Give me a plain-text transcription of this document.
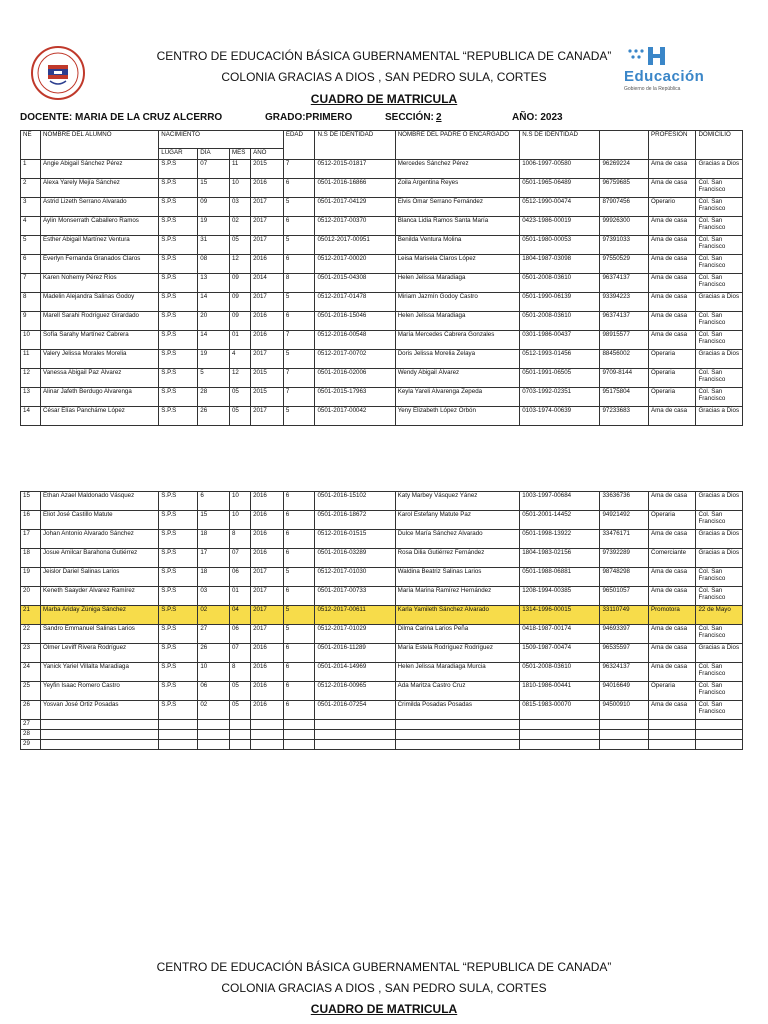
Educación
Gobierno de la República
CENTRO DE EDUCACIÓN BÁSICA GUBERNAMENTAL “REPUBLICA DE CANADA”
COLONIA GRACIAS A DIOS , SAN PEDRO SULA, CORTES
CUADRO DE MATRICULA
DOCENTE: MARIA DE LA CRUZ ALCERRO	GRADO:PRIMERO	SECCIÓN: 2	AÑO: 2023
NE	NOMBRE DEL ALUMNO	NACIMIENTO				EDAD	N.S DE IDENTIDAD	NOMBRE DEL PADRE O ENCARGADO	N.S DE IDENTIDAD		PROFESIÓN	DOMICILIO
		LUGAR	DÍA	MES	AÑO							
1	Angie Abigail Sánchez Pérez	S.P.S	07	11	2015	7	0512-2015-01817	Mercedes Sánchez Pérez	1006-1997-00580	96269224	Ama de casa	Gracias a Dios
2	Alexa Yarely Mejía Sánchez	S.P.S	15	10	2016	6	0501-2016-16866	Zoila Argentina Reyes	0501-1965-06489	96759685	Ama de casa	Col. San Francisco
3	Astrid Lizeth Serrano Alvarado	S.P.S	09	03	2017	5	0501-2017-04129	Elvis Omar Serrano Fernández	0512-1990-00474	87907456	Operario	Col. San Francisco
4	Aylin Monserrath Caballero Ramos	S.P.S	19	02	2017	6	0512-2017-00370	Blanca Lidia Ramos Santa María	0423-1986-00019	99926300	Ama de casa	Col. San Francisco
5	Esther Abigail Martínez Ventura	S.P.S	31	05	2017	5	05012-2017-00951	Benilda Ventura Molina	0501-1980-00053	97391033	Ama de casa	Col. San Francisco
6	Everlyn Fernanda Granados Claros	S.P.S	08	12	2016	6	0512-2017-00020	Leisa Marisela Claros López	1804-1987-03098	97550529	Ama de casa	Col. San Francisco
7	Karen Nohemy Pérez Ríos	S.P.S	13	09	2014	8	0501-2015-04308	Helen Jelissa Maradiaga	0501-2008-03610	96374137	Ama de casa	Col. San Francisco
8	Madelin Alejandra Salinas Godoy	S.P.S	14	09	2017	5	0512-2017-01478	Miriam Jazmín Godoy Castro	0501-1990-06139	93394223	Ama de casa	Gracias a Dios
9	Marell Sarahi Rodríguez Girardado	S.P.S	20	09	2016	6	0501-2016-15046	Helen Jelissa Maradiaga	0501-2008-03610	96374137	Ama de casa	Col. San Francisco
10	Sofía Sarahy Martínez Cabrera	S.P.S	14	01	2016	7	0512-2016-00548	María Mercedes Cabrera Gonzales	0301-1986-00437	98915577	Ama de casa	Col. San Francisco
11	Valery Jelissa Morales Morelia	S.P.S	19	4	2017	5	0512-2017-00702	Doris Jelissa Morelia Zelaya	0512-1993-01456	88456002	Operaria	Gracias a Dios
12	Vanessa Abigail Paz Álvarez	S.P.S	5	12	2015	7	0501-2016-02006	Wendy Abigail Álvarez	0501-1991-06505	9709-8144	Operaria	Col. San Francisco
13	Alinar Jafeth Berdugo Alvarenga	S.P.S	28	05	2015	7	0501-2015-17963	Keyla Yareli Alvarenga Zepeda	0703-1992-02351	95175804	Operaria	Col. San Francisco
14	César Elías Pancháme López	S.P.S	26	05	2017	5	0501-2017-00042	Yeny Elizabeth López Orbón	0103-1974-00639	97233683	Ama de casa	Gracias a Dios
15	Ethan Azael Maldonado Vásquez	S.P.S	6	10	2016	6	0501-2016-15102	Katy Marbey Vásquez Yánez	1003-1997-00684	33636736	Ama de casa	Gracias a Dios
16	Eliot José Castillo Matute	S.P.S	15	10	2016	6	0501-2016-18672	Karol Estefany Matute Paz	0501-2001-14452	94921492	Operaria	Col. San Francisco
17	Johan Antonio Alvarado Sánchez	S.P.S	18	8	2016	6	0512-2016-01515	Dulce María Sánchez Alvarado	0501-1998-13922	33476171	Ama de casa	Gracias a Dios
18	Josue Amilcar Barahona Gutiérrez	S.P.S	17	07	2016	6	0501-2016-03289	Rosa Dilia Gutiérrez Fernández	1804-1983-02156	97392289	Comerciante	Gracias a Dios
19	Jeislor Dariel Salinas Larios	S.P.S	18	06	2017	5	0512-2017-01030	Waldina Beatriz Salinas Larios	0501-1988-06881	98748298	Ama de casa	Col. San Francisco
20	Keneth Saayder Álvarez Ramírez	S.P.S	03	01	2017	6	0501-2017-00733	María Marina Ramírez Hernández	1208-1994-00385	96501057	Ama de casa	Col. San Francisco
21	Marba Ariday Zúniga Sánchez	S.P.S	02	04	2017	5	0512-2017-00611	Karla Yamileth Sánchez Alvarado	1314-1996-00015	33110749	Promotora	22 de Mayo
22	Sandro Emmanuel Salinas Larios	S.P.S	27	06	2017	5	0512-2017-01029	Dilma Carina Larios Peña	0418-1987-00174	94693397	Ama de casa	Col. San Francisco
23	Olmer Leviff Rivera Rodríguez	S.P.S	26	07	2016	6	0501-2016-11289	María Estela Rodríguez Rodríguez	1509-1987-00474	96535597	Ama de casa	Gracias a Dios
24	Yanick Yariel Villalta Maradiaga	S.P.S	10	8	2016	6	0501-2014-14969	Helen Jelissa Maradiaga Murcia	0501-2008-03610	96324137	Ama de casa	Col. San Francisco
25	Yeyfin Isaac Romero Castro	S.P.S	06	05	2016	6	0512-2016-00965	Ada Maritza Castro Cruz	1810-1986-00441	94016649	Operaria	Col. San Francisco
26	Yosvan José Ortiz Posadas	S.P.S	02	05	2016	6	0501-2016-07254	Crimilda Posadas Posadas	0815-1983-00070	94500910	Ama de casa	Col. San Francisco
27												
28												
29												
CENTRO DE EDUCACIÓN BÁSICA GUBERNAMENTAL “REPUBLICA DE CANADA”
COLONIA GRACIAS A DIOS , SAN PEDRO SULA, CORTES
CUADRO DE MATRICULA
